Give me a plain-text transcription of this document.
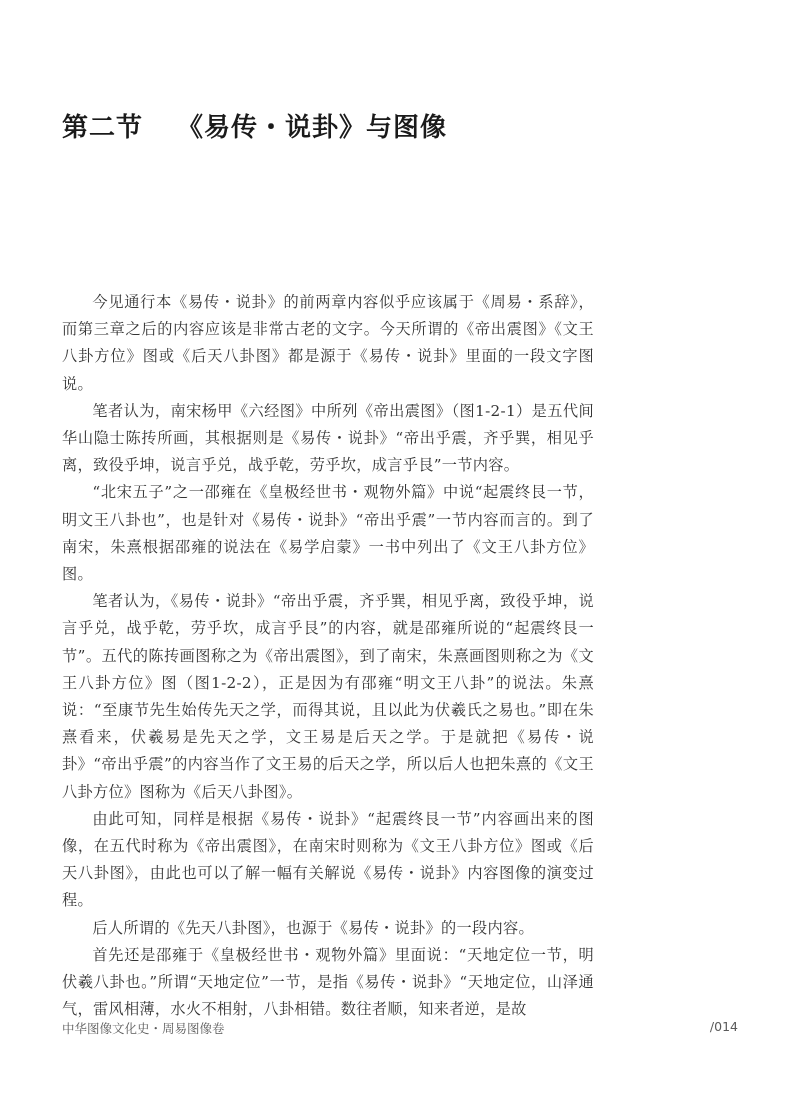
第二节 《易传・说卦》与图像

今见通行本《易传・说卦》的前两章内容似乎应该属于《周易・系辞》，而第三章之后的内容应该是非常古老的文字。今天所谓的《帝出震图》《文王八卦方位》图或《后天八卦图》都是源于《易传・说卦》里面的一段文字图说。

笔者认为，南宋杨甲《六经图》中所列《帝出震图》（图1-2-1）是五代间华山隐士陈抟所画，其根据则是《易传・说卦》“帝出乎震，齐乎巽，相见乎离，致役乎坤，说言乎兑，战乎乾，劳乎坎，成言乎艮”一节内容。

“北宋五子”之一邵雍在《皇极经世书・观物外篇》中说“起震终艮一节，明文王八卦也”，也是针对《易传・说卦》“帝出乎震”一节内容而言的。到了南宋，朱熹根据邵雍的说法在《易学启蒙》一书中列出了《文王八卦方位》图。

笔者认为，《易传・说卦》“帝出乎震，齐乎巽，相见乎离，致役乎坤，说言乎兑，战乎乾，劳乎坎，成言乎艮”的内容，就是邵雍所说的“起震终艮一节”。五代的陈抟画图称之为《帝出震图》，到了南宋，朱熹画图则称之为《文王八卦方位》图（图1-2-2），正是因为有邵雍“明文王八卦”的说法。朱熹说：“至康节先生始传先天之学，而得其说，且以此为伏羲氏之易也。”即在朱熹看来，伏羲易是先天之学，文王易是后天之学。于是就把《易传・说卦》“帝出乎震”的内容当作了文王易的后天之学，所以后人也把朱熹的《文王八卦方位》图称为《后天八卦图》。

由此可知，同样是根据《易传・说卦》“起震终艮一节”内容画出来的图像，在五代时称为《帝出震图》，在南宋时则称为《文王八卦方位》图或《后天八卦图》，由此也可以了解一幅有关解说《易传・说卦》内容图像的演变过程。

后人所谓的《先天八卦图》，也源于《易传・说卦》的一段内容。

首先还是邵雍于《皇极经世书・观物外篇》里面说：“天地定位一节，明伏羲八卦也。”所谓“天地定位”一节，是指《易传・说卦》“天地定位，山泽通气，雷风相薄，水火不相射，八卦相错。数往者顺，知来者逆，是故

中华图像文化史・周易图像卷	/014
